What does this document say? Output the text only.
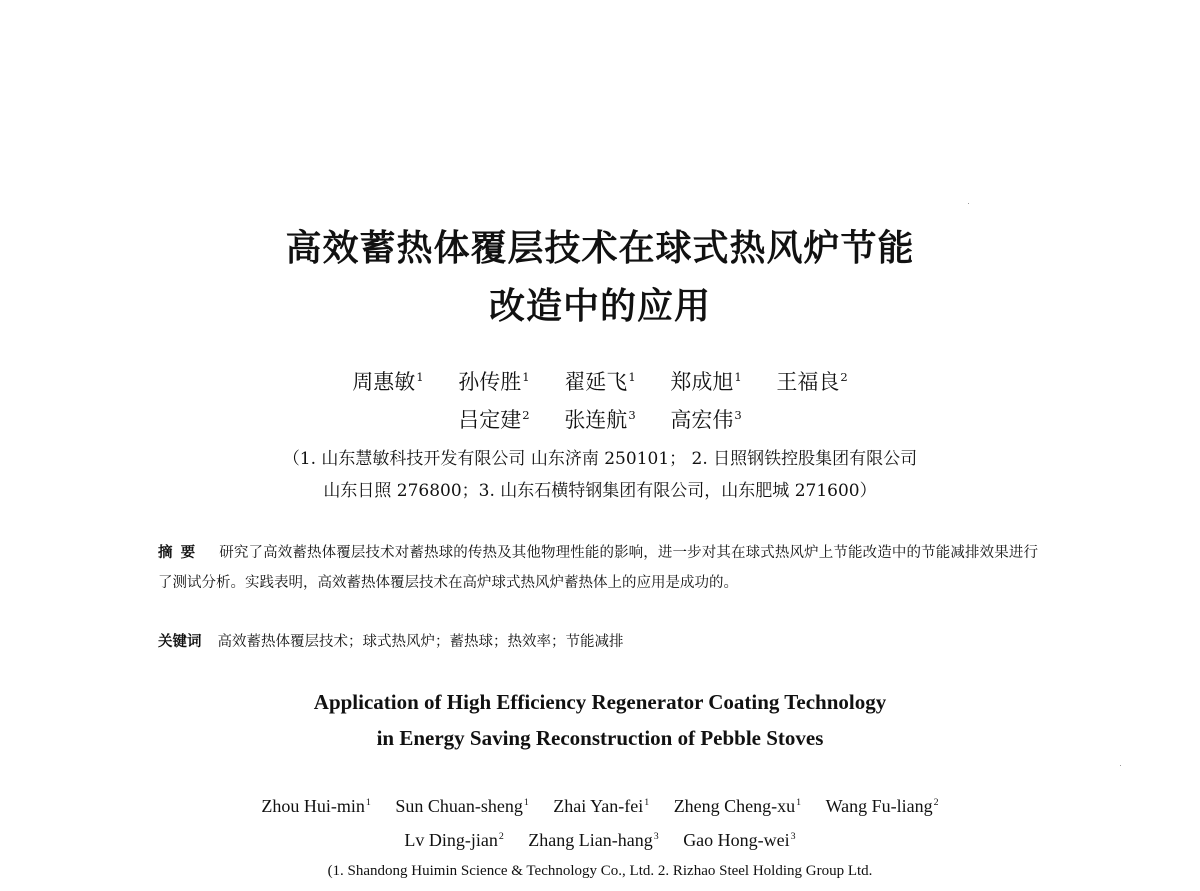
高效蓄热体覆层技术在球式热风炉节能
改造中的应用
周惠敏$^1$ 孙传胜$^1$ 翟延飞$^1$ 郑成旭$^1$ 王福良$^2$
吕定建$^2$ 张连航$^3$ 高宏伟$^3$
（1. 山东慧敏科技开发有限公司 山东济南 250101； 2. 日照钢铁控股集团有限公司
山东日照 276800；3. 山东石横特钢集团有限公司，山东肥城 271600）
摘要 研究了高效蓄热体覆层技术对蓄热球的传热及其他物理性能的影响，进一步对其在球式热风炉上节能改造中的节能减排效果进行了测试分析。实践表明，高效蓄热体覆层技术在高炉球式热风炉蓄热体上的应用是成功的。
关键词 高效蓄热体覆层技术；球式热风炉；蓄热球；热效率；节能减排
Application of High Efficiency Regenerator Coating Technology
in Energy Saving Reconstruction of Pebble Stoves
Zhou Hui-$\min^1$ Sun Chuan-sheng$^1$ Zhai Yan-fei$^1$ Zheng Cheng-$xu^1$ Wang Fu-liang$^2$
Lv Ding-jian$^2$ Zhang Lian-hang$^3$ Gao Hong-wei$^3$
(1. Shandong Huimin Science & Technology Co., Ltd. 2. Rizhao Steel Holding Group Ltd.
